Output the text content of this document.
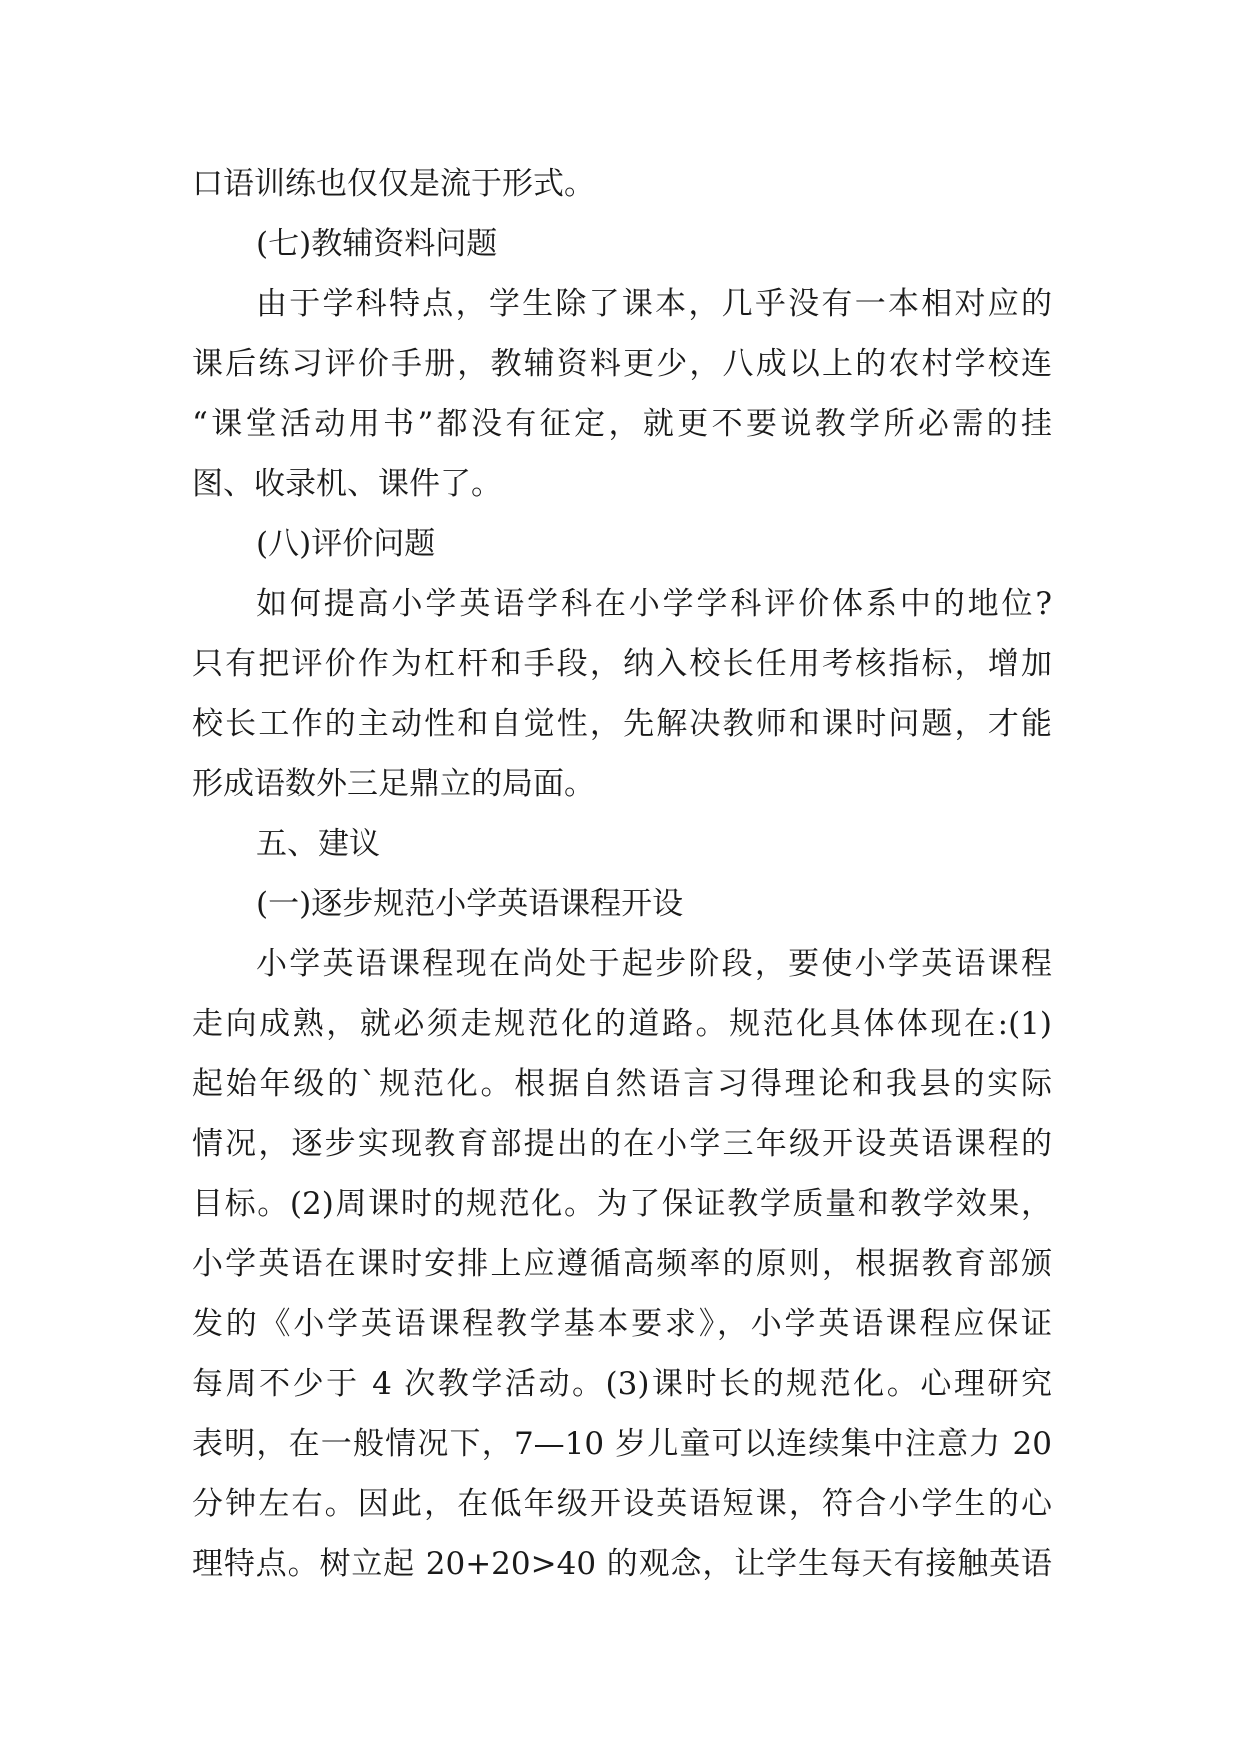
口语训练也仅仅是流于形式。
(七)教辅资料问题
由于学科特点，学生除了课本，几乎没有一本相对应的
课后练习评价手册，教辅资料更少，八成以上的农村学校连
“课堂活动用书”都没有征定，就更不要说教学所必需的挂
图、收录机、课件了。
(八)评价问题
如何提高小学英语学科在小学学科评价体系中的地位?
只有把评价作为杠杆和手段，纳入校长任用考核指标，增加
校长工作的主动性和自觉性，先解决教师和课时问题，才能
形成语数外三足鼎立的局面。
五、建议
(一)逐步规范小学英语课程开设
小学英语课程现在尚处于起步阶段，要使小学英语课程
走向成熟，就必须走规范化的道路。规范化具体体现在:(1)
起始年级的`规范化。根据自然语言习得理论和我县的实际
情况，逐步实现教育部提出的在小学三年级开设英语课程的
目标。(2)周课时的规范化。为了保证教学质量和教学效果，
小学英语在课时安排上应遵循高频率的原则，根据教育部颁
发的《小学英语课程教学基本要求》，小学英语课程应保证
每周不少于 4 次教学活动。(3)课时长的规范化。心理研究
表明，在一般情况下，7—10 岁儿童可以连续集中注意力 20
分钟左右。因此，在低年级开设英语短课，符合小学生的心
理特点。树立起 20+20>40 的观念，让学生每天有接触英语
